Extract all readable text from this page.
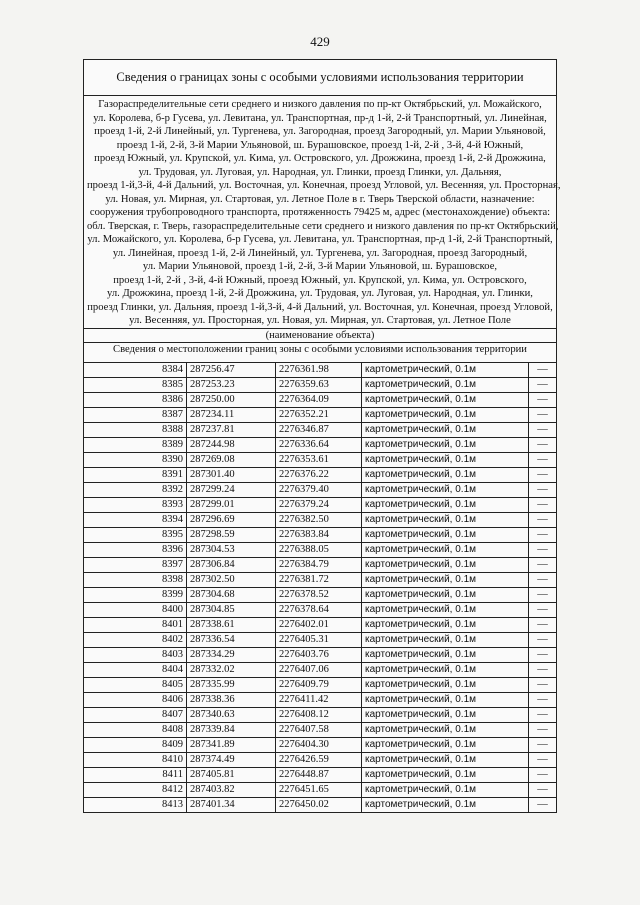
429
Сведения о границах зоны с особыми условиями использования территории
Газораспределительные сети среднего и низкого давления по пр-кт Октябрьский, ул. Можайского,
ул. Королева, б-р Гусева, ул. Левитана, ул. Транспортная, пр-д 1-й, 2-й Транспортный, ул. Линейная,
проезд 1-й, 2-й Линейный, ул. Тургенева, ул. Загородная, проезд Загородный, ул. Марии Ульяновой,
проезд 1-й, 2-й, 3-й Марии Ульяновой, ш. Бурашовское, проезд 1-й, 2-й , 3-й, 4-й Южный,
проезд Южный, ул. Крупской, ул. Кима, ул. Островского, ул. Дрожжина, проезд 1-й, 2-й Дрожжина,
ул. Трудовая, ул. Луговая, ул. Народная, ул. Глинки, проезд Глинки, ул. Дальняя,
проезд 1-й,3-й, 4-й Дальний, ул. Восточная, ул. Конечная, проезд Угловой, ул. Весенняя, ул. Просторная,
ул. Новая, ул. Мирная, ул. Стартовая, ул. Летное Поле в г. Тверь Тверской области, назначение:
сооружения трубопроводного транспорта, протяженность 79425 м, адрес (местонахождение) объекта:
обл. Тверская, г. Тверь, газораспределительные сети среднего и низкого давления по пр-кт Октябрьский,
ул. Можайского, ул. Королева, б-р Гусева, ул. Левитана, ул. Транспортная, пр-д 1-й, 2-й Транспортный,
ул. Линейная, проезд 1-й, 2-й Линейный, ул. Тургенева, ул. Загородная, проезд Загородный,
ул. Марии Ульяновой, проезд 1-й, 2-й, 3-й Марии Ульяновой, ш. Бурашовское,
проезд 1-й, 2-й , 3-й, 4-й Южный, проезд Южный, ул. Крупской, ул. Кима, ул. Островского,
ул. Дрожжина, проезд 1-й, 2-й Дрожжина, ул. Трудовая, ул. Луговая, ул. Народная, ул. Глинки,
проезд Глинки, ул. Дальняя, проезд 1-й,3-й, 4-й Дальний, ул. Восточная, ул. Конечная, проезд Угловой,
ул. Весенняя, ул. Просторная, ул. Новая, ул. Мирная, ул. Стартовая, ул. Летное Поле
(наименование объекта)
Сведения о местоположении границ зоны с особыми условиями использования территории
8384	287256.47	2276361.98	картометрический, 0.1м	—
8385	287253.23	2276359.63	картометрический, 0.1м	—
8386	287250.00	2276364.09	картометрический, 0.1м	—
8387	287234.11	2276352.21	картометрический, 0.1м	—
8388	287237.81	2276346.87	картометрический, 0.1м	—
8389	287244.98	2276336.64	картометрический, 0.1м	—
8390	287269.08	2276353.61	картометрический, 0.1м	—
8391	287301.40	2276376.22	картометрический, 0.1м	—
8392	287299.24	2276379.40	картометрический, 0.1м	—
8393	287299.01	2276379.24	картометрический, 0.1м	—
8394	287296.69	2276382.50	картометрический, 0.1м	—
8395	287298.59	2276383.84	картометрический, 0.1м	—
8396	287304.53	2276388.05	картометрический, 0.1м	—
8397	287306.84	2276384.79	картометрический, 0.1м	—
8398	287302.50	2276381.72	картометрический, 0.1м	—
8399	287304.68	2276378.52	картометрический, 0.1м	—
8400	287304.85	2276378.64	картометрический, 0.1м	—
8401	287338.61	2276402.01	картометрический, 0.1м	—
8402	287336.54	2276405.31	картометрический, 0.1м	—
8403	287334.29	2276403.76	картометрический, 0.1м	—
8404	287332.02	2276407.06	картометрический, 0.1м	—
8405	287335.99	2276409.79	картометрический, 0.1м	—
8406	287338.36	2276411.42	картометрический, 0.1м	—
8407	287340.63	2276408.12	картометрический, 0.1м	—
8408	287339.84	2276407.58	картометрический, 0.1м	—
8409	287341.89	2276404.30	картометрический, 0.1м	—
8410	287374.49	2276426.59	картометрический, 0.1м	—
8411	287405.81	2276448.87	картометрический, 0.1м	—
8412	287403.82	2276451.65	картометрический, 0.1м	—
8413	287401.34	2276450.02	картометрический, 0.1м	—
